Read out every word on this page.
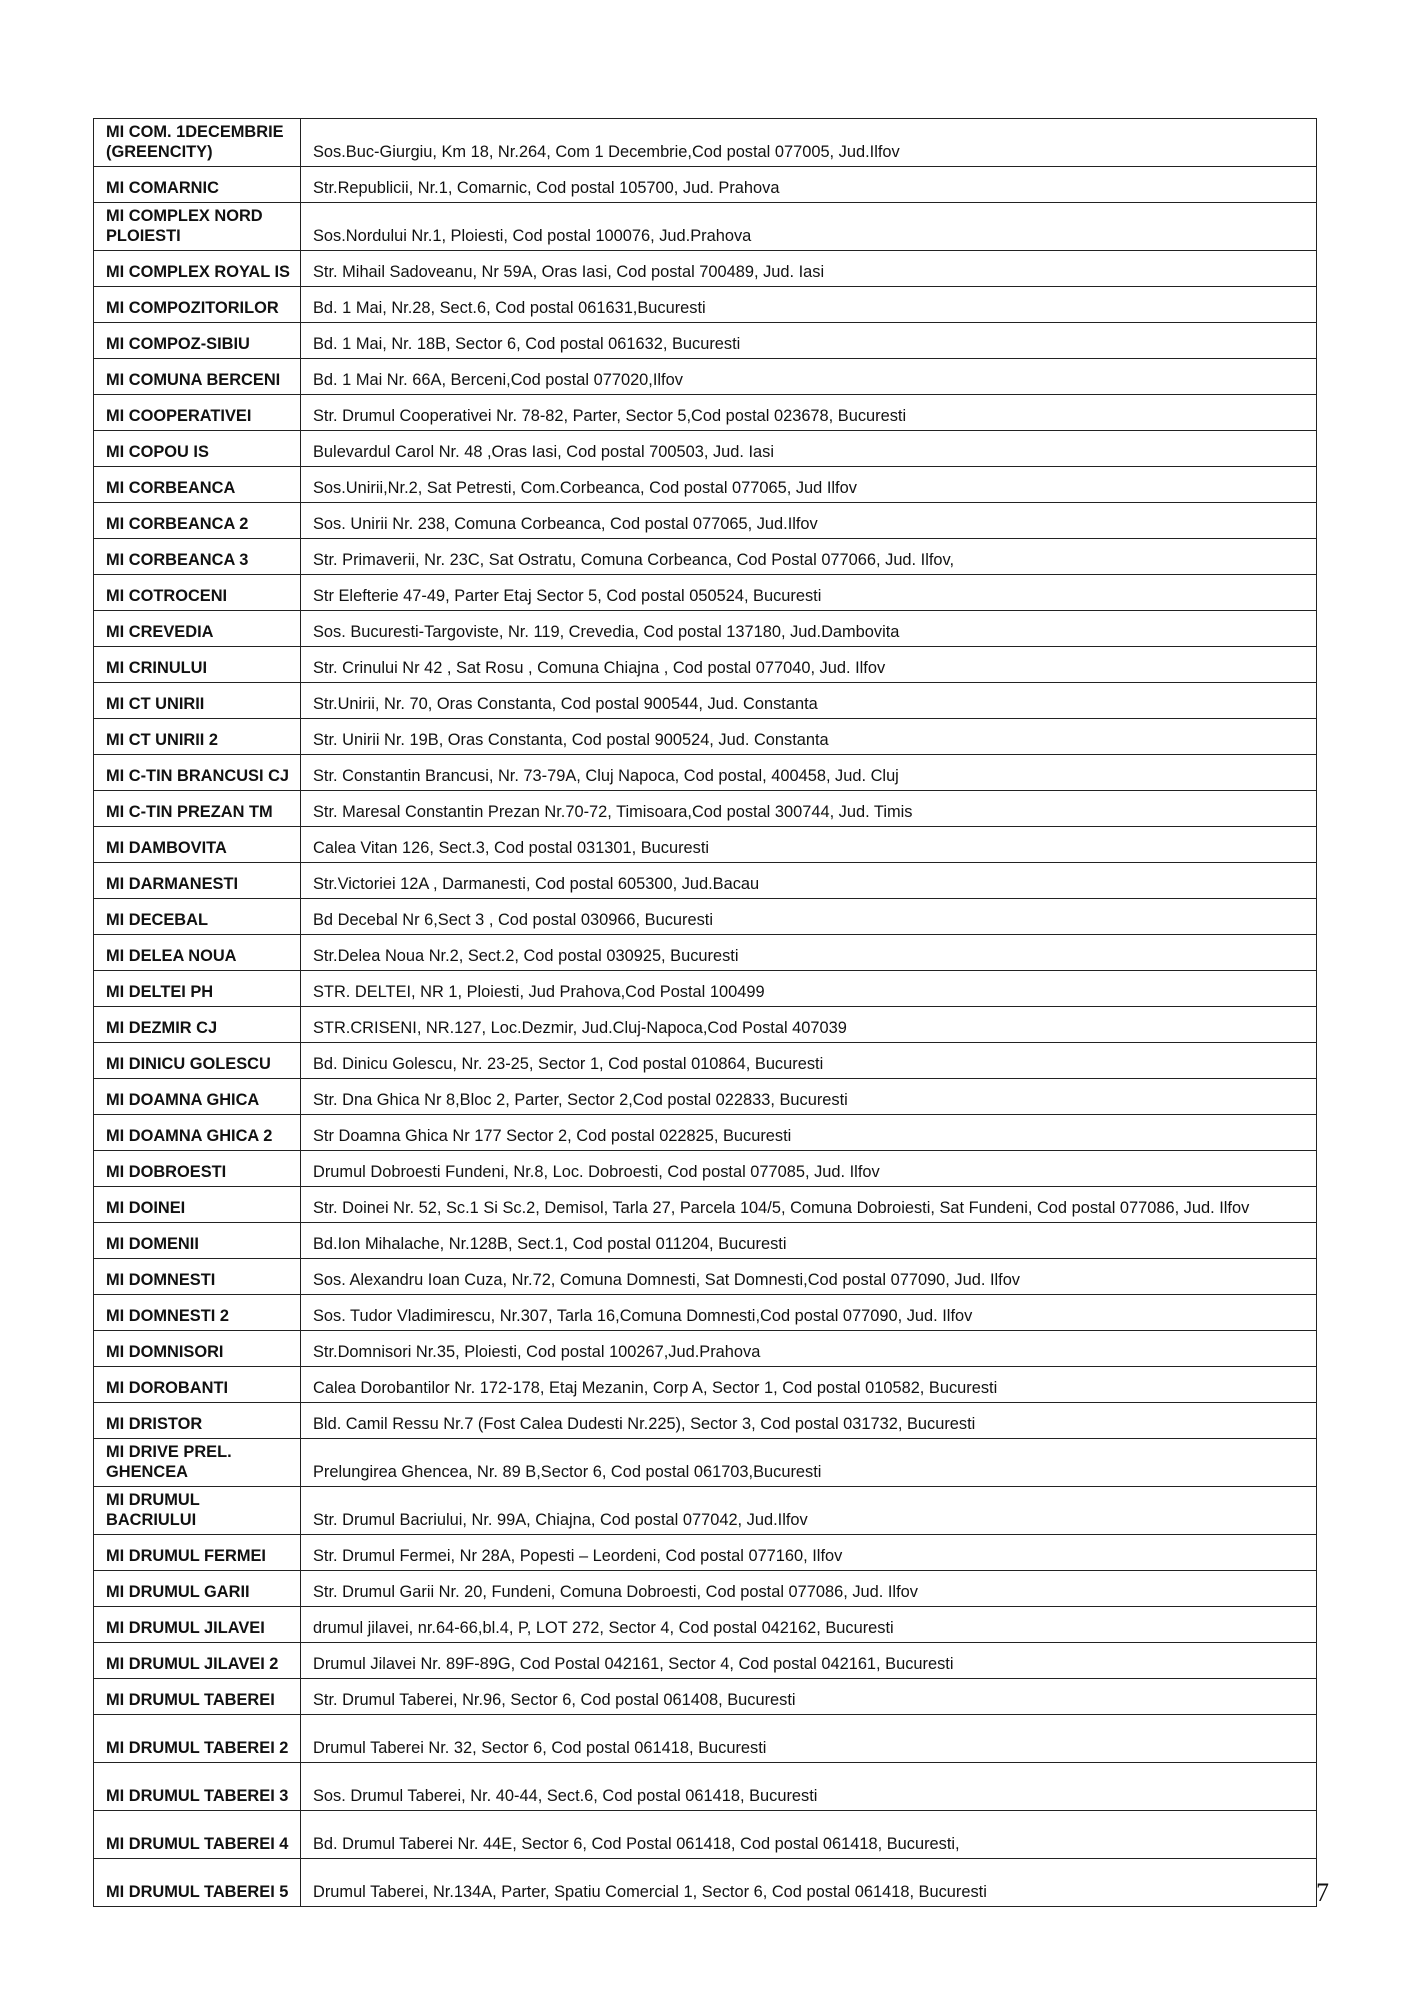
MI COM. 1DECEMBRIE (GREENCITY)	Sos.Buc-Giurgiu, Km 18, Nr.264, Com 1 Decembrie,Cod postal 077005, Jud.Ilfov
MI COMARNIC	Str.Republicii, Nr.1, Comarnic, Cod postal 105700, Jud. Prahova
MI COMPLEX NORD PLOIESTI	Sos.Nordului Nr.1, Ploiesti, Cod postal 100076, Jud.Prahova
MI COMPLEX ROYAL IS	Str. Mihail Sadoveanu, Nr 59A, Oras Iasi, Cod postal 700489, Jud. Iasi
MI COMPOZITORILOR	Bd. 1 Mai, Nr.28, Sect.6, Cod postal 061631,Bucuresti
MI COMPOZ-SIBIU	Bd. 1 Mai, Nr. 18B, Sector 6, Cod postal 061632, Bucuresti
MI COMUNA BERCENI	Bd. 1 Mai Nr. 66A, Berceni,Cod postal 077020,Ilfov
MI COOPERATIVEI	Str. Drumul Cooperativei Nr. 78-82, Parter, Sector 5,Cod postal 023678, Bucuresti
MI COPOU IS	Bulevardul Carol Nr. 48 ,Oras Iasi, Cod postal 700503, Jud. Iasi
MI CORBEANCA	Sos.Unirii,Nr.2, Sat Petresti, Com.Corbeanca, Cod postal 077065, Jud Ilfov
MI CORBEANCA 2	Sos. Unirii Nr. 238, Comuna Corbeanca, Cod postal 077065, Jud.Ilfov
MI CORBEANCA 3	Str. Primaverii, Nr. 23C, Sat Ostratu, Comuna Corbeanca, Cod Postal 077066, Jud. Ilfov,
MI COTROCENI	Str Elefterie 47-49, Parter Etaj Sector 5, Cod postal 050524, Bucuresti
MI CREVEDIA	Sos. Bucuresti-Targoviste, Nr. 119, Crevedia, Cod postal 137180, Jud.Dambovita
MI CRINULUI	Str. Crinului Nr 42 , Sat Rosu , Comuna Chiajna , Cod postal 077040, Jud. Ilfov
MI CT UNIRII	Str.Unirii, Nr. 70, Oras Constanta, Cod postal 900544, Jud. Constanta
MI CT UNIRII 2	Str. Unirii Nr. 19B, Oras Constanta, Cod postal 900524, Jud. Constanta
MI C-TIN BRANCUSI CJ	Str. Constantin Brancusi, Nr. 73-79A, Cluj Napoca, Cod postal, 400458, Jud. Cluj
MI C-TIN PREZAN TM	Str. Maresal Constantin Prezan Nr.70-72, Timisoara,Cod postal 300744, Jud. Timis
MI DAMBOVITA	Calea Vitan 126, Sect.3, Cod postal 031301, Bucuresti
MI DARMANESTI	Str.Victoriei 12A , Darmanesti, Cod postal 605300, Jud.Bacau
MI DECEBAL	Bd Decebal Nr 6,Sect 3 , Cod postal 030966, Bucuresti
MI DELEA NOUA	Str.Delea Noua Nr.2, Sect.2, Cod postal 030925, Bucuresti
MI DELTEI PH	STR. DELTEI, NR 1, Ploiesti, Jud Prahova,Cod Postal 100499
MI DEZMIR CJ	STR.CRISENI, NR.127, Loc.Dezmir, Jud.Cluj-Napoca,Cod Postal 407039
MI DINICU GOLESCU	Bd. Dinicu Golescu, Nr. 23-25, Sector 1, Cod postal 010864, Bucuresti
MI DOAMNA GHICA	Str. Dna Ghica Nr 8,Bloc 2, Parter, Sector 2,Cod postal 022833, Bucuresti
MI DOAMNA GHICA 2	Str Doamna Ghica Nr 177 Sector 2, Cod postal 022825, Bucuresti
MI DOBROESTI	Drumul Dobroesti Fundeni, Nr.8, Loc. Dobroesti, Cod postal 077085, Jud. Ilfov
MI DOINEI	Str. Doinei Nr. 52, Sc.1 Si Sc.2, Demisol, Tarla 27, Parcela 104/5, Comuna Dobroiesti, Sat Fundeni, Cod postal 077086, Jud. Ilfov
MI DOMENII	Bd.Ion Mihalache, Nr.128B, Sect.1, Cod postal 011204, Bucuresti
MI DOMNESTI	Sos. Alexandru Ioan Cuza, Nr.72, Comuna Domnesti, Sat Domnesti,Cod postal 077090, Jud. Ilfov
MI DOMNESTI 2	Sos. Tudor Vladimirescu, Nr.307, Tarla 16,Comuna Domnesti,Cod postal 077090, Jud. Ilfov
MI DOMNISORI	Str.Domnisori Nr.35, Ploiesti, Cod postal 100267,Jud.Prahova
MI DOROBANTI	Calea Dorobantilor Nr. 172-178, Etaj Mezanin, Corp A, Sector 1, Cod postal 010582, Bucuresti
MI DRISTOR	Bld. Camil Ressu Nr.7 (Fost Calea Dudesti Nr.225), Sector 3, Cod postal 031732, Bucuresti
MI DRIVE PREL. GHENCEA	Prelungirea Ghencea, Nr. 89 B,Sector 6, Cod postal 061703,Bucuresti
MI DRUMUL BACRIULUI	Str. Drumul Bacriului, Nr. 99A, Chiajna, Cod postal 077042, Jud.Ilfov
MI DRUMUL FERMEI	Str. Drumul Fermei, Nr 28A, Popesti – Leordeni, Cod postal 077160, Ilfov
MI DRUMUL GARII	Str. Drumul Garii Nr. 20, Fundeni, Comuna Dobroesti, Cod postal 077086, Jud. Ilfov
MI DRUMUL JILAVEI	drumul jilavei, nr.64-66,bl.4, P, LOT 272, Sector 4, Cod postal 042162, Bucuresti
MI DRUMUL JILAVEI 2	Drumul Jilavei Nr. 89F-89G, Cod Postal 042161, Sector 4, Cod postal 042161, Bucuresti
MI DRUMUL TABEREI	Str. Drumul Taberei, Nr.96, Sector 6, Cod postal 061408, Bucuresti
MI DRUMUL TABEREI 2	Drumul Taberei Nr. 32, Sector 6, Cod postal 061418, Bucuresti
MI DRUMUL TABEREI 3	Sos. Drumul Taberei, Nr. 40-44, Sect.6, Cod postal 061418, Bucuresti
MI DRUMUL TABEREI 4	Bd. Drumul Taberei Nr. 44E, Sector 6, Cod Postal 061418, Cod postal 061418, Bucuresti,
MI DRUMUL TABEREI 5	Drumul Taberei, Nr.134A, Parter, Spatiu Comercial 1, Sector 6, Cod postal 061418, Bucuresti	7
